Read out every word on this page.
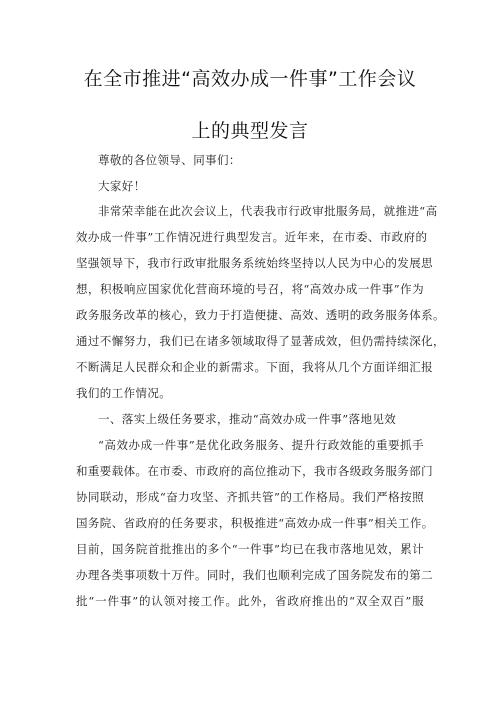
在全市推进“高效办成一件事”工作会议
上的典型发言
尊敬的各位领导、同事们：
大家好！
非常荣幸能在此次会议上，代表我市行政审批服务局，就推进“高
效办成一件事”工作情况进行典型发言。近年来，在市委、市政府的
坚强领导下，我市行政审批服务系统始终坚持以人民为中心的发展思
想，积极响应国家优化营商环境的号召，将“高效办成一件事”作为
政务服务改革的核心，致力于打造便捷、高效、透明的政务服务体系。
通过不懈努力，我们已在诸多领域取得了显著成效，但仍需持续深化，
不断满足人民群众和企业的新需求。下面，我将从几个方面详细汇报
我们的工作情况。
一、落实上级任务要求，推动“高效办成一件事”落地见效
“高效办成一件事”是优化政务服务、提升行政效能的重要抓手
和重要载体。在市委、市政府的高位推动下，我市各级政务服务部门
协同联动，形成“奋力攻坚、齐抓共管”的工作格局。我们严格按照
国务院、省政府的任务要求，积极推进“高效办成一件事”相关工作。
目前，国务院首批推出的多个“一件事”均已在我市落地见效，累计
办理各类事项数十万件。同时，我们也顺利完成了国务院发布的第二
批“一件事”的认领对接工作。此外，省政府推出的“双全双百”服
